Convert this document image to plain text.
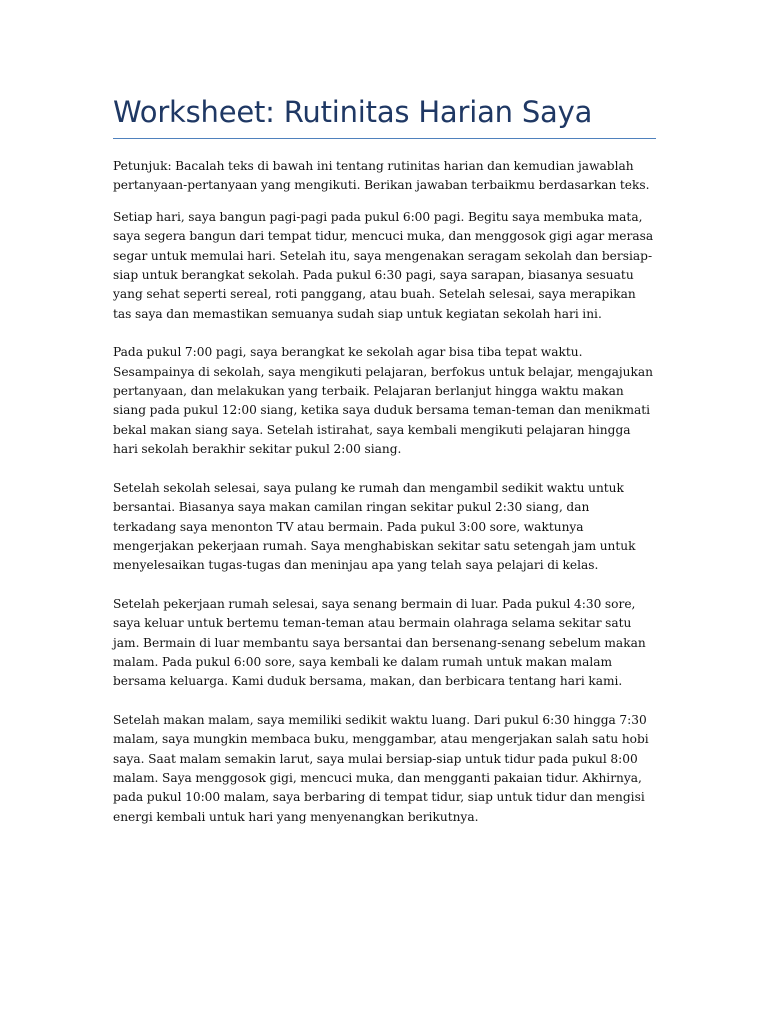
Worksheet: Rutinitas Harian Saya

Petunjuk: Bacalah teks di bawah ini tentang rutinitas harian dan kemudian jawablah pertanyaan-pertanyaan yang mengikuti. Berikan jawaban terbaikmu berdasarkan teks.

Setiap hari, saya bangun pagi-pagi pada pukul 6:00 pagi. Begitu saya membuka mata, saya segera bangun dari tempat tidur, mencuci muka, dan menggosok gigi agar merasa segar untuk memulai hari. Setelah itu, saya mengenakan seragam sekolah dan bersiap-siap untuk berangkat sekolah. Pada pukul 6:30 pagi, saya sarapan, biasanya sesuatu yang sehat seperti sereal, roti panggang, atau buah. Setelah selesai, saya merapikan tas saya dan memastikan semuanya sudah siap untuk kegiatan sekolah hari ini.

Pada pukul 7:00 pagi, saya berangkat ke sekolah agar bisa tiba tepat waktu. Sesampainya di sekolah, saya mengikuti pelajaran, berfokus untuk belajar, mengajukan pertanyaan, dan melakukan yang terbaik. Pelajaran berlanjut hingga waktu makan siang pada pukul 12:00 siang, ketika saya duduk bersama teman-teman dan menikmati bekal makan siang saya. Setelah istirahat, saya kembali mengikuti pelajaran hingga hari sekolah berakhir sekitar pukul 2:00 siang.

Setelah sekolah selesai, saya pulang ke rumah dan mengambil sedikit waktu untuk bersantai. Biasanya saya makan camilan ringan sekitar pukul 2:30 siang, dan terkadang saya menonton TV atau bermain. Pada pukul 3:00 sore, waktunya mengerjakan pekerjaan rumah. Saya menghabiskan sekitar satu setengah jam untuk menyelesaikan tugas-tugas dan meninjau apa yang telah saya pelajari di kelas.

Setelah pekerjaan rumah selesai, saya senang bermain di luar. Pada pukul 4:30 sore, saya keluar untuk bertemu teman-teman atau bermain olahraga selama sekitar satu jam. Bermain di luar membantu saya bersantai dan bersenang-senang sebelum makan malam. Pada pukul 6:00 sore, saya kembali ke dalam rumah untuk makan malam bersama keluarga. Kami duduk bersama, makan, dan berbicara tentang hari kami.

Setelah makan malam, saya memiliki sedikit waktu luang. Dari pukul 6:30 hingga 7:30 malam, saya mungkin membaca buku, menggambar, atau mengerjakan salah satu hobi saya. Saat malam semakin larut, saya mulai bersiap-siap untuk tidur pada pukul 8:00 malam. Saya menggosok gigi, mencuci muka, dan mengganti pakaian tidur. Akhirnya, pada pukul 10:00 malam, saya berbaring di tempat tidur, siap untuk tidur dan mengisi energi kembali untuk hari yang menyenangkan berikutnya.
